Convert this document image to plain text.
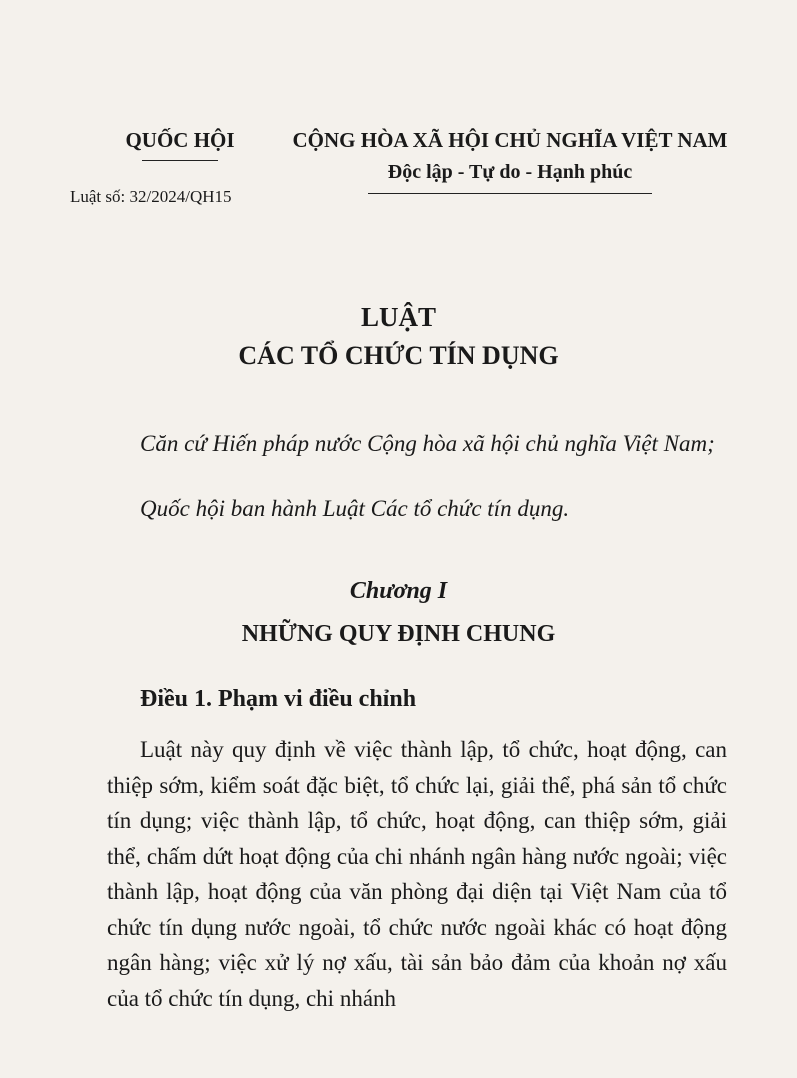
QUỐC HỘI
Luật số: 32/2024/QH15
CỘNG HÒA XÃ HỘI CHỦ NGHĨA VIỆT NAM
Độc lập - Tự do - Hạnh phúc
LUẬT
CÁC TỔ CHỨC TÍN DỤNG

Căn cứ Hiến pháp nước Cộng hòa xã hội chủ nghĩa Việt Nam;

Quốc hội ban hành Luật Các tổ chức tín dụng.

Chương I
NHỮNG QUY ĐỊNH CHUNG
Điều 1. Phạm vi điều chỉnh

Luật này quy định về việc thành lập, tổ chức, hoạt động, can thiệp sớm, kiểm soát đặc biệt, tổ chức lại, giải thể, phá sản tổ chức tín dụng; việc thành lập, tổ chức, hoạt động, can thiệp sớm, giải thể, chấm dứt hoạt động của chi nhánh ngân hàng nước ngoài; việc thành lập, hoạt động của văn phòng đại diện tại Việt Nam của tổ chức tín dụng nước ngoài, tổ chức nước ngoài khác có hoạt động ngân hàng; việc xử lý nợ xấu, tài sản bảo đảm của khoản nợ xấu của tổ chức tín dụng, chi nhánh
